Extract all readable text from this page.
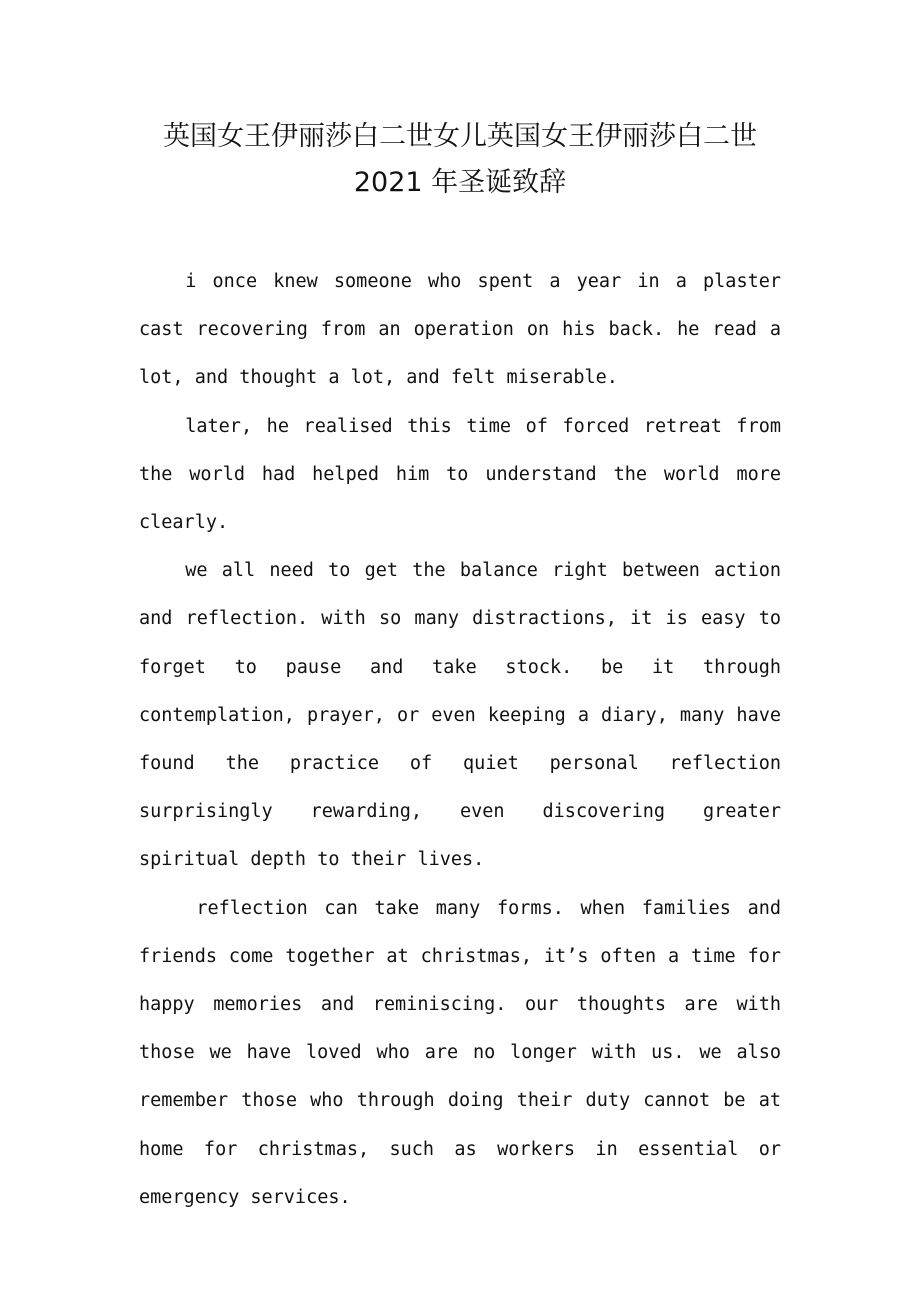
英国女王伊丽莎白二世女儿英国女王伊丽莎白二世
2021 年圣诞致辞

i once knew someone who spent a year in a plaster cast recovering from an operation on his back. he read a lot, and thought a lot, and felt miserable.

later, he realised this time of forced retreat from the world had helped him to understand the world more clearly.

we all need to get the balance right between action and reflection. with so many distractions, it is easy to forget to pause and take stock. be it through contemplation, prayer, or even keeping a diary, many have found the practice of quiet personal reflection surprisingly rewarding, even discovering greater spiritual depth to their lives.

reflection can take many forms. when families and friends come together at christmas, it’s often a time for happy memories and reminiscing. our thoughts are with those we have loved who are no longer with us. we also remember those who through doing their duty cannot be at home for christmas, such as workers in essential or emergency services.
